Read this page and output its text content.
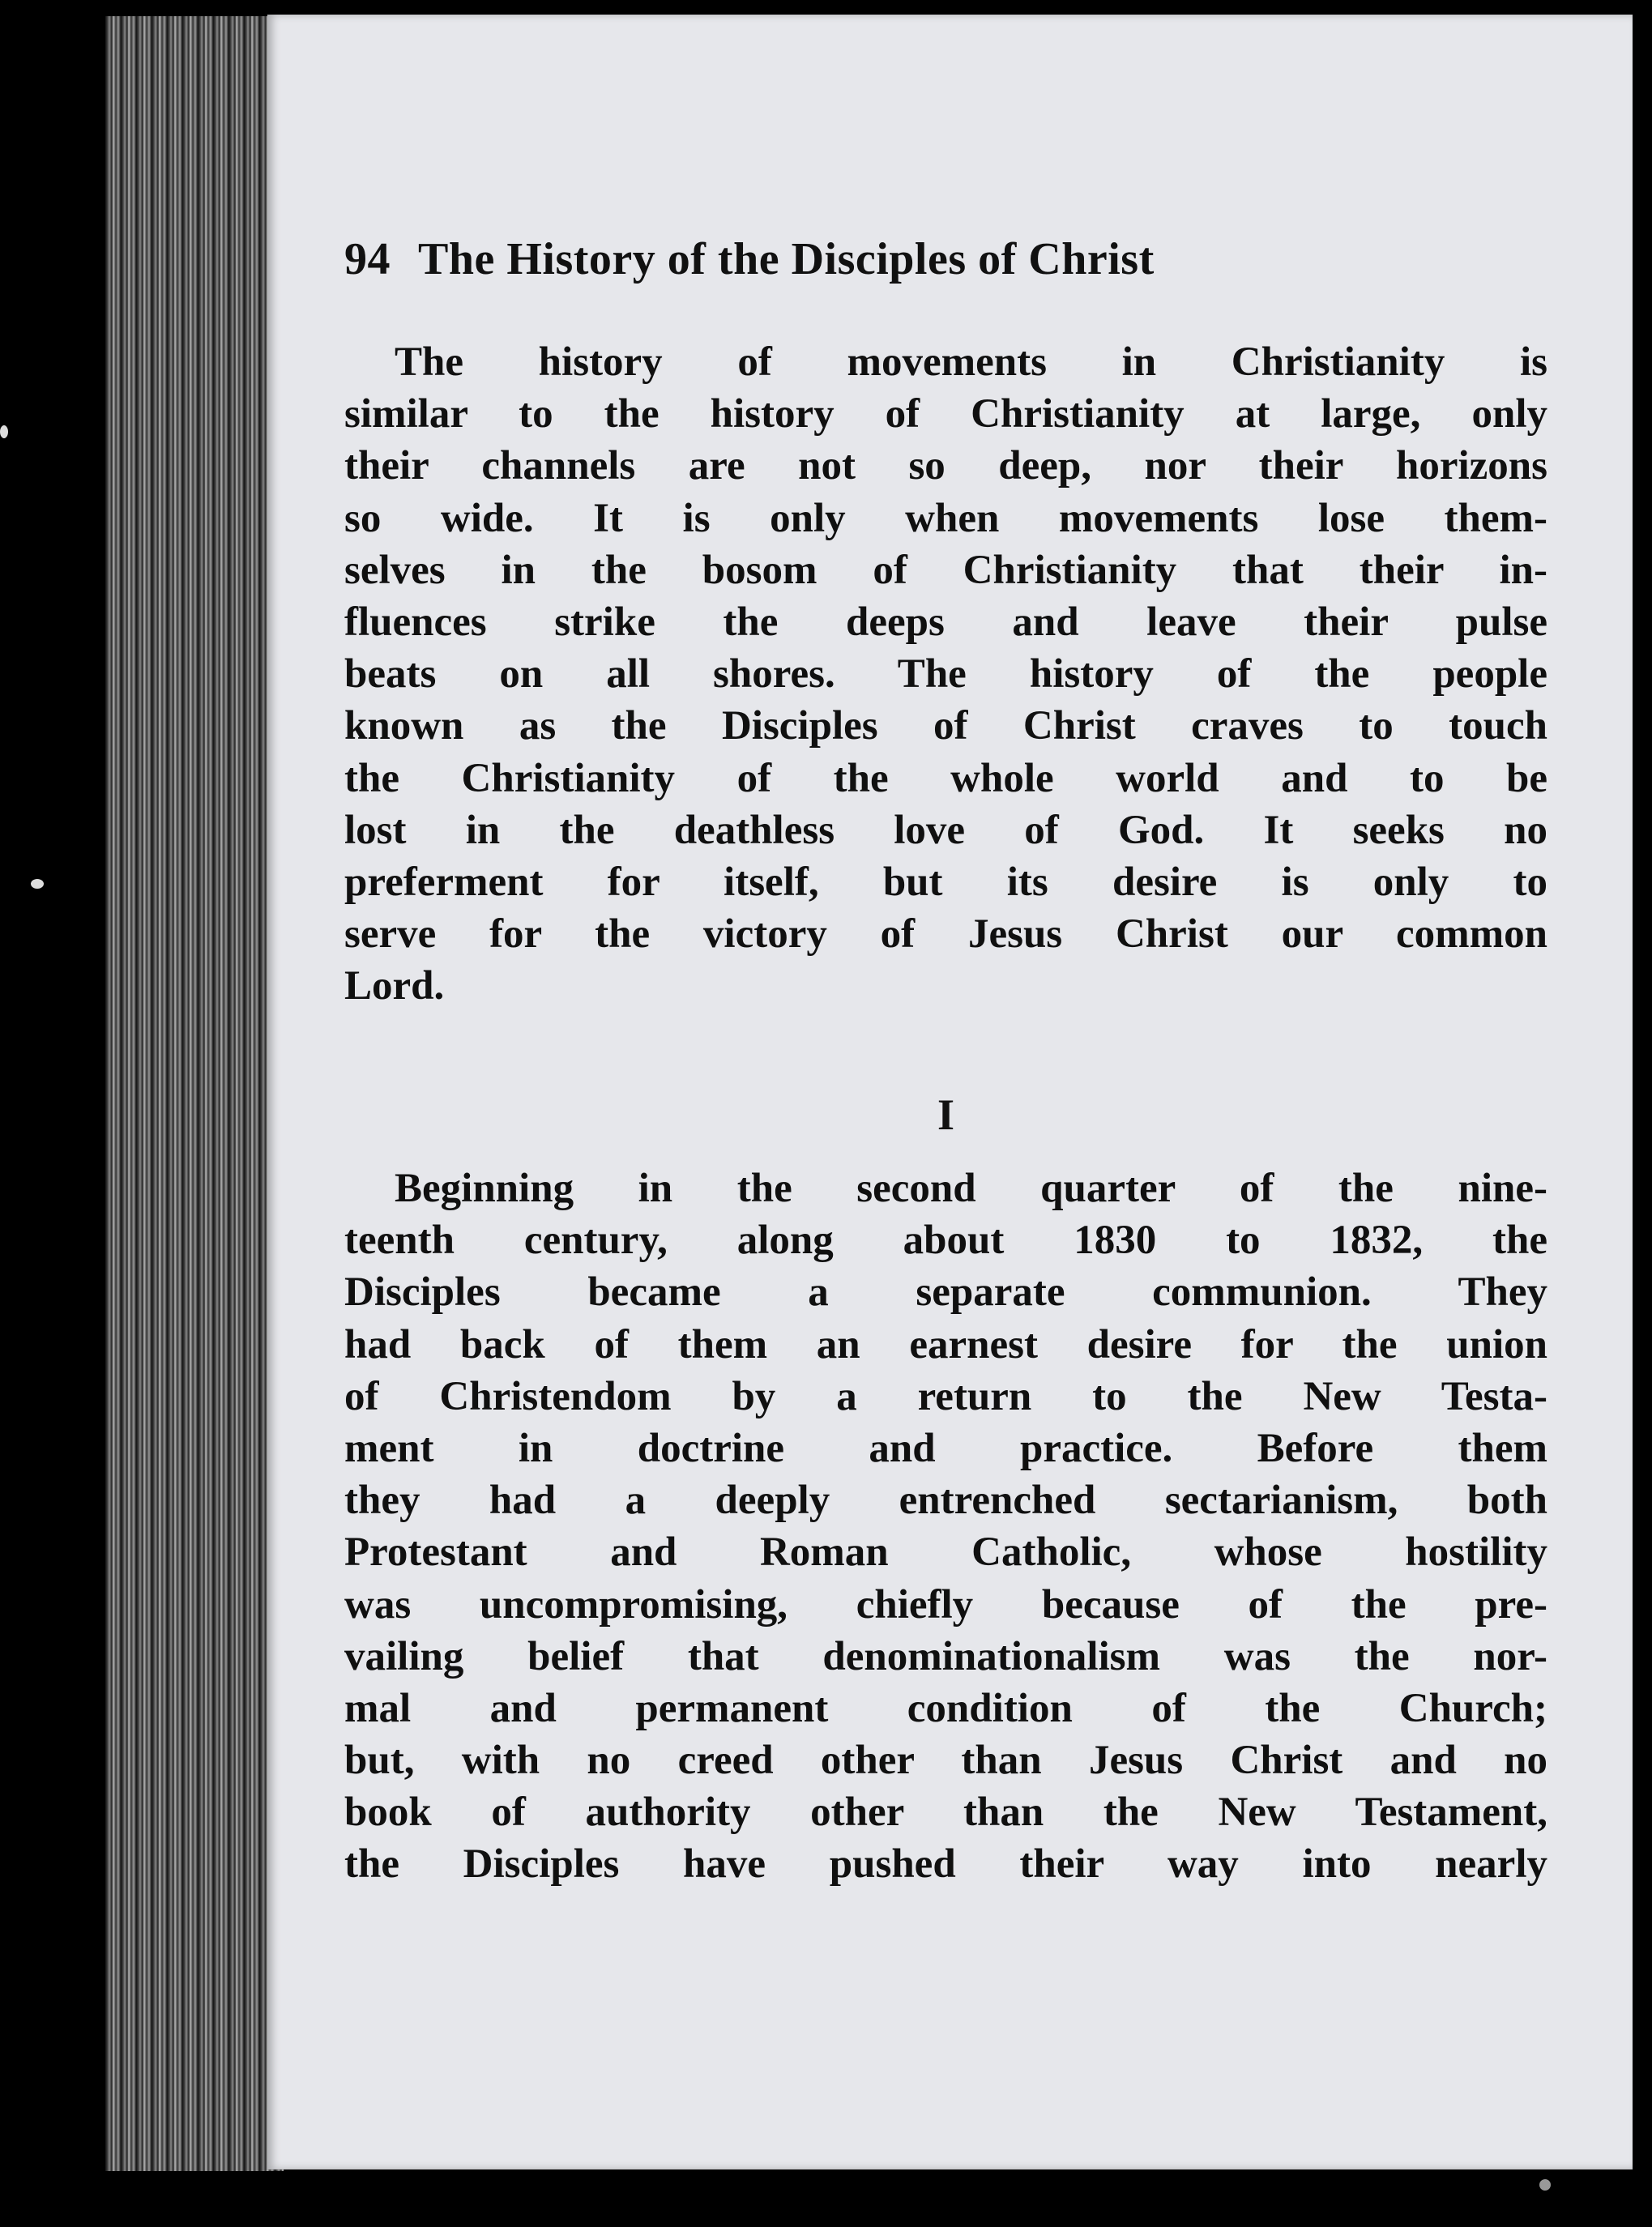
94 The History of the Disciples of Christ
The history of movements in Christianity is
similar to the history of Christianity at large, only
their channels are not so deep, nor their horizons
so wide. It is only when movements lose them-
selves in the bosom of Christianity that their in-
fluences strike the deeps and leave their pulse
beats on all shores. The history of the people
known as the Disciples of Christ craves to touch
the Christianity of the whole world and to be
lost in the deathless love of God. It seeks no
preferment for itself, but its desire is only to
serve for the victory of Jesus Christ our common
Lord.
I
Beginning in the second quarter of the nine-
teenth century, along about 1830 to 1832, the
Disciples became a separate communion. They
had back of them an earnest desire for the union
of Christendom by a return to the New Testa-
ment in doctrine and practice. Before them
they had a deeply entrenched sectarianism, both
Protestant and Roman Catholic, whose hostility
was uncompromising, chiefly because of the pre-
vailing belief that denominationalism was the nor-
mal and permanent condition of the Church;
but, with no creed other than Jesus Christ and no
book of authority other than the New Testament,
the Disciples have pushed their way into nearly
